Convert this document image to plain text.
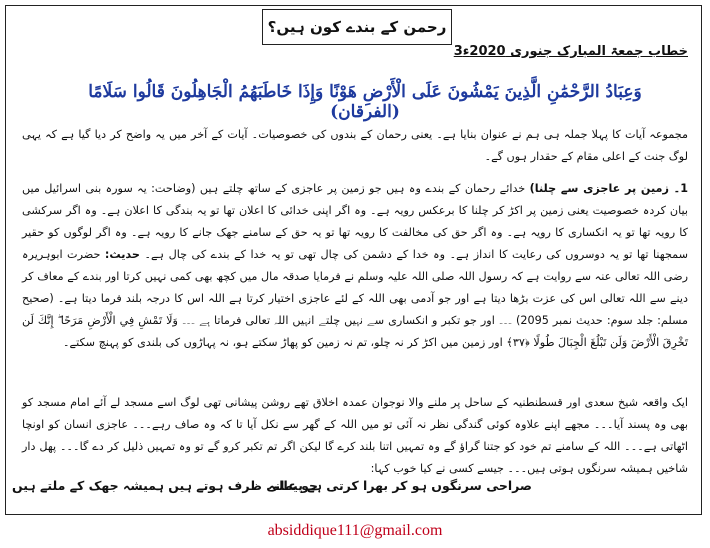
رحمن کے بندے کون ہیں؟
خطاب جمعۃ المبارک جنوری 2020ء3
وَعِبَادُ الرَّحْمَٰنِ الَّذِينَ يَمْشُونَ عَلَى الْأَرْضِ هَوْنًا وَإِذَا خَاطَبَهُمُ الْجَاهِلُونَ قَالُوا سَلَامًا (الفرقان)
مجموعہ آیات کا پہلا جملہ ہی ہم نے عنوان بنایا ہے۔ یعنی رحمان کے بندوں کی خصوصیات۔ آیات کے آخر میں یہ واضح کر دیا گیا ہے کہ یہی لوگ جنت کے اعلی مقام کے حقدار ہوں گے۔
1۔ زمین پر عاجزی سے چلنا) خدائے رحمان کے بندے وہ ہیں جو زمین پر عاجزی کے ساتھ چلتے ہیں (وضاحت: یہ سورہ بنی اسرائیل میں بیان کردہ خصوصیت یعنی زمین پر اکڑ کر چلنا کا برعکس رویہ ہے۔ وہ اگر اپنی خدائی کا اعلان تھا تو یہ بندگی کا اعلان ہے۔ وہ اگر سرکشی کا رویہ تھا تو یہ انکساری کا رویہ ہے۔ وہ اگر حق کی مخالفت کا رویہ تھا تو یہ حق کے سامنے جھک جانے کا رویہ ہے۔ وہ اگر لوگوں کو حقیر سمجھنا تھا تو یہ دوسروں کی رعایت کا انداز ہے۔ وہ خدا کے دشمن کی چال تھی تو یہ خدا کے بندے کی چال ہے۔ حدیث: حضرت ابوہریرہ رضی اللہ تعالی عنہ سے روایت ہے کہ رسول اللہ صلی اللہ علیہ وسلم نے فرمایا صدقہ مال میں کچھ بھی کمی نہیں کرتا اور بندے کے معاف کر دینے سے اللہ تعالی اس کی عزت بڑھا دیتا ہے اور جو آدمی بھی اللہ کے لئے عاجزی اختیار کرتا ہے اللہ اس کا درجہ بلند فرما دیتا ہے۔ (صحیح مسلم: جلد سوم: حدیث نمبر 2095) ۔۔۔ اور جو تکبر و انکساری سے نہیں چلتے انہیں اللہ تعالی فرماتا ہے ۔۔۔ وَلَا تَمْشِ فِي الْأَرْضِ مَرَحًا ۖ إِنَّكَ لَن تَخْرِقَ الْأَرْضَ وَلَن تَبْلُغَ الْجِبَالَ طُولًا ﴿٣٧﴾ اور زمین میں اکڑ کر نہ چلو، تم نہ زمین کو پھاڑ سکتے ہو، نہ پہاڑوں کی بلندی کو پہنچ سکتے۔
ایک واقعہ شیخ سعدی اور قسطنطنیہ کے ساحل پر ملنے والا نوجوان عمدہ اخلاق تھے روشن پیشانی تھی لوگ اسے مسجد لے آئے امام مسجد کو بھی وہ پسند آیا۔۔۔ مجھے اپنے علاوہ کوئی گندگی نظر نہ آئی تو میں اللہ کے گھر سے نکل آیا تا کہ وہ صاف رہے۔۔۔ عاجزی انسان کو اونچا اٹھاتی ہے۔۔۔ اللہ کے سامنے تم خود کو جتنا گراؤ گے وہ تمہیں اتنا بلند کرے گا لیکن اگر تم تکبر کرو گے تو وہ تمہیں ذلیل کر دے گا۔۔۔ پھل دار شاخیں ہمیشہ سرنگوں ہوتی ہیں۔۔۔ جیسے کسی نے کیا خوب کہا:
جو عالی ظرف ہوتے ہیں ہمیشہ جھک کے ملتے ہیں
صراحی سرنگوں ہو کر بھرا کرتی ہے پیمانہ
absiddique111@gmail.com
